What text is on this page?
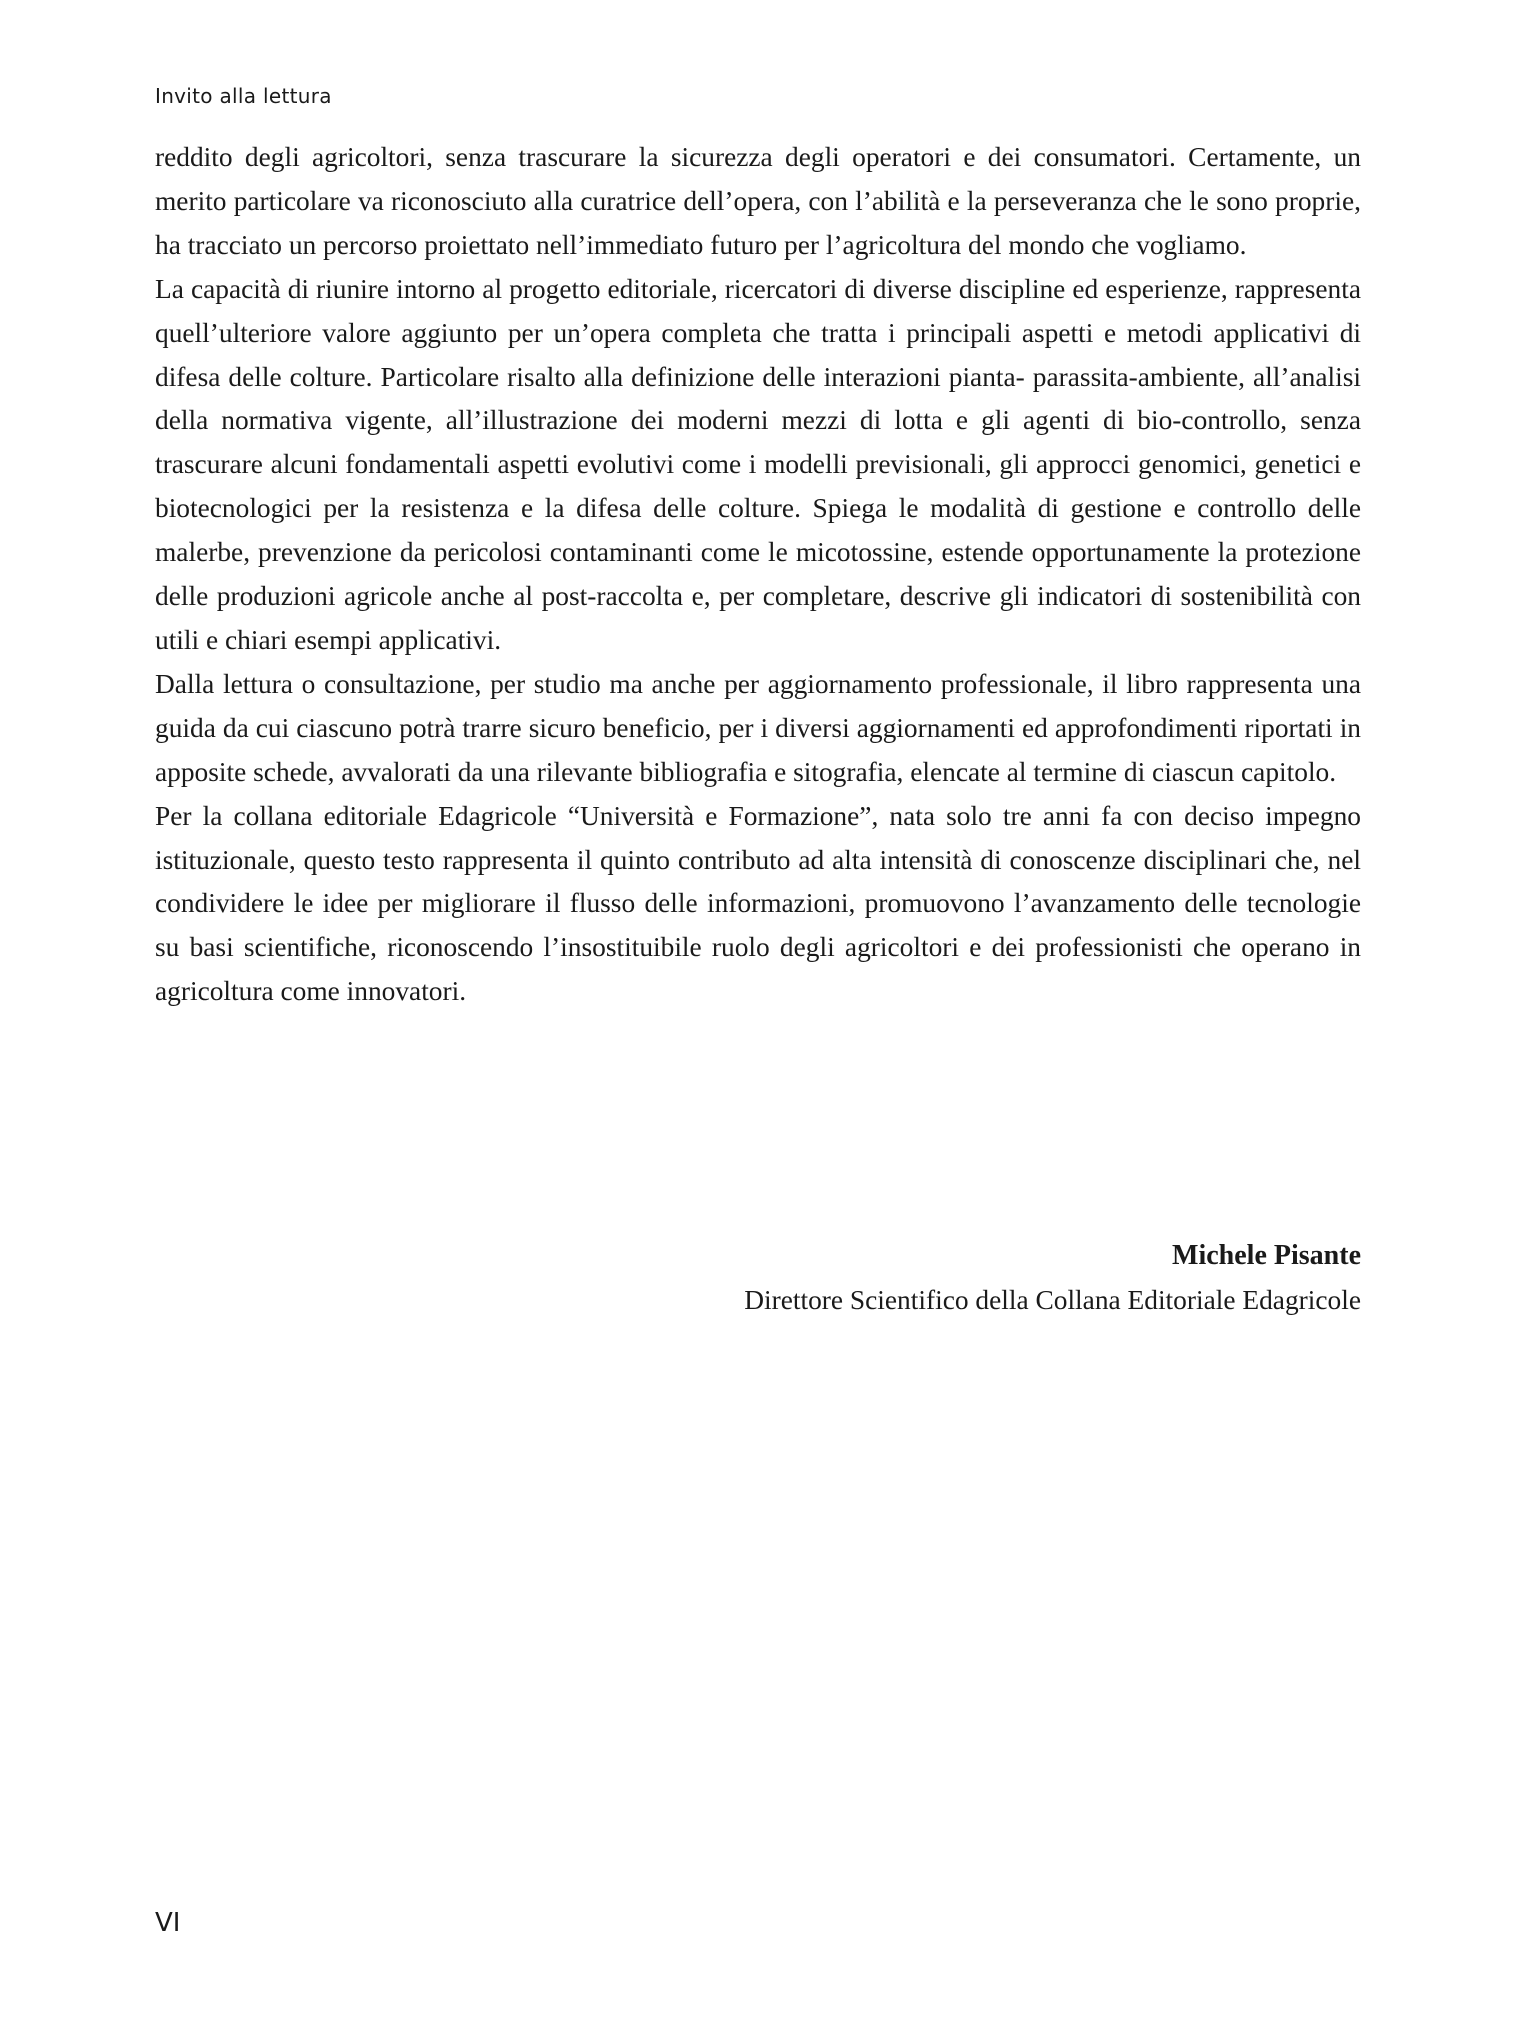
Invito alla lettura

reddito degli agricoltori, senza trascurare la sicurezza degli operatori e dei consumatori. Certamente, un merito particolare va riconosciuto alla curatrice dell’opera, con l’abilità e la perseveranza che le sono proprie, ha tracciato un percorso proiettato nell’immediato futuro per l’agricoltura del mondo che vogliamo.

La capacità di riunire intorno al progetto editoriale, ricercatori di diverse discipline ed esperienze, rappresenta quell’ulteriore valore aggiunto per un’opera completa che tratta i principali aspetti e metodi applicativi di difesa delle colture. Particolare risalto alla definizione delle interazioni pianta- parassita-ambiente, all’analisi della normativa vigente, all’illustrazione dei moderni mezzi di lotta e gli agenti di bio-controllo, senza trascurare alcuni fondamentali aspetti evolutivi come i modelli previsionali, gli approcci genomici, genetici e biotecnologici per la resistenza e la difesa delle colture. Spiega le modalità di gestione e controllo delle malerbe, prevenzione da pericolosi contaminanti come le micotossine, estende opportunamente la protezione delle produzioni agricole anche al post-raccolta e, per completare, descrive gli indicatori di sostenibilità con utili e chiari esempi applicativi.

Dalla lettura o consultazione, per studio ma anche per aggiornamento professionale, il libro rappresenta una guida da cui ciascuno potrà trarre sicuro beneficio, per i diversi aggiornamenti ed approfondimenti riportati in apposite schede, avvalorati da una rilevante bibliografia e sitografia, elencate al termine di ciascun capitolo.

Per la collana editoriale Edagricole “Università e Formazione”, nata solo tre anni fa con deciso impegno istituzionale, questo testo rappresenta il quinto contributo ad alta intensità di conoscenze disciplinari che, nel condividere le idee per migliorare il flusso delle informazioni, promuovono l’avanzamento delle tecnologie su basi scientifiche, riconoscendo l’insostituibile ruolo degli agricoltori e dei professionisti che operano in agricoltura come innovatori.

Michele Pisante
Direttore Scientifico della Collana Editoriale Edagricole
VI
